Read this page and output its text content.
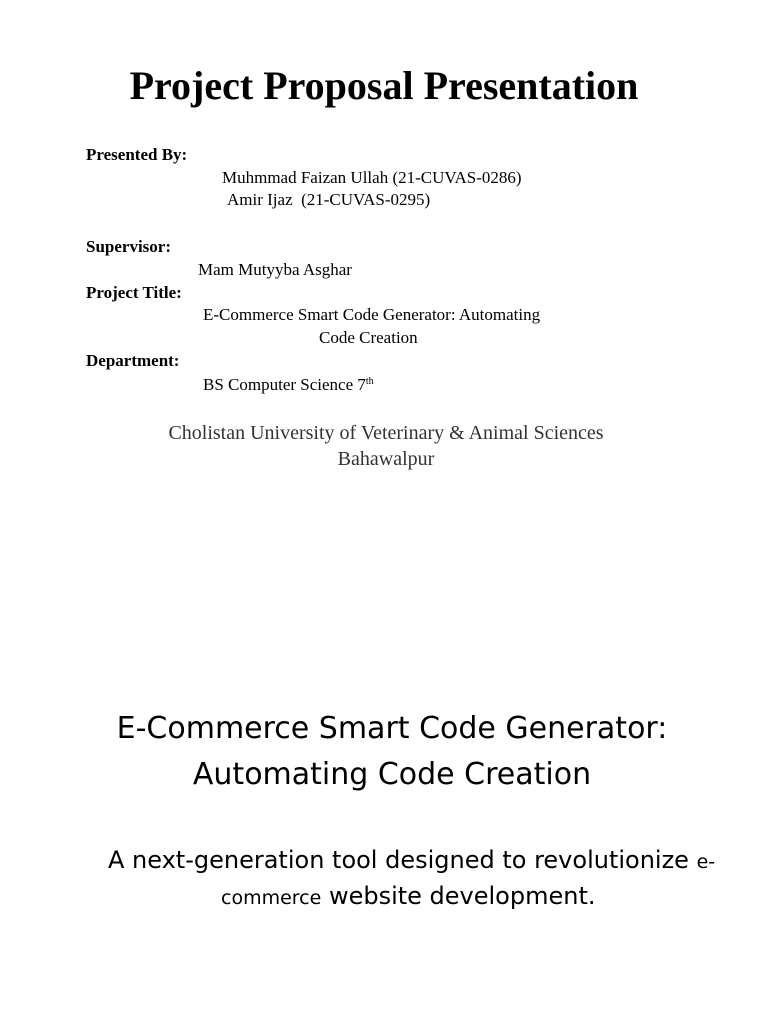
Project Proposal Presentation
Presented By:
Muhmmad Faizan Ullah (21-CUVAS-0286)
Amir Ijaz  (21-CUVAS-0295)
Supervisor:
Mam Mutyyba Asghar
Project Title:
E-Commerce Smart Code Generator: Automating
Code Creation
Department:
BS Computer Science 7th
Cholistan University of Veterinary & Animal Sciences
Bahawalpur
E-Commerce Smart Code Generator:
Automating Code Creation
A next-generation tool designed to revolutionize e-
commerce website development.
